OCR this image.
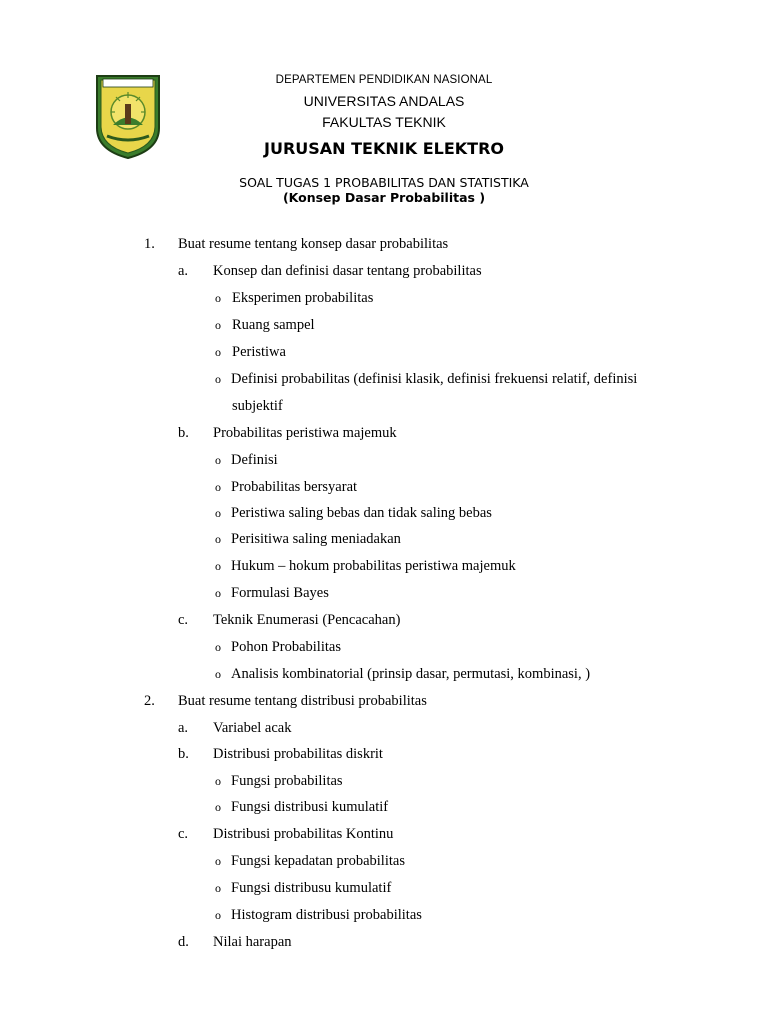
DEPARTEMEN PENDIDIKAN NASIONAL
UNIVERSITAS ANDALAS
FAKULTAS TEKNIK
JURUSAN TEKNIK ELEKTRO
SOAL TUGAS 1 PROBABILITAS DAN STATISTIKA
(Konsep Dasar Probabilitas )
1. Buat resume tentang konsep dasar probabilitas
a. Konsep dan definisi dasar tentang probabilitas
o Eksperimen probabilitas
o Ruang sampel
o Peristiwa
o Definisi probabilitas (definisi klasik, definisi frekuensi relatif, definisi
subjektif
b. Probabilitas peristiwa majemuk
o Definisi
o Probabilitas bersyarat
o Peristiwa saling bebas dan tidak saling bebas
o Perisitiwa saling meniadakan
o Hukum – hokum probabilitas peristiwa majemuk
o Formulasi Bayes
c. Teknik Enumerasi (Pencacahan)
o Pohon Probabilitas
o Analisis kombinatorial (prinsip dasar, permutasi, kombinasi, )
2. Buat resume tentang distribusi probabilitas
a. Variabel acak
b. Distribusi probabilitas diskrit
o Fungsi probabilitas
o Fungsi distribusi kumulatif
c. Distribusi probabilitas Kontinu
o Fungsi kepadatan probabilitas
o Fungsi distribusu kumulatif
o Histogram distribusi probabilitas
d. Nilai harapan
